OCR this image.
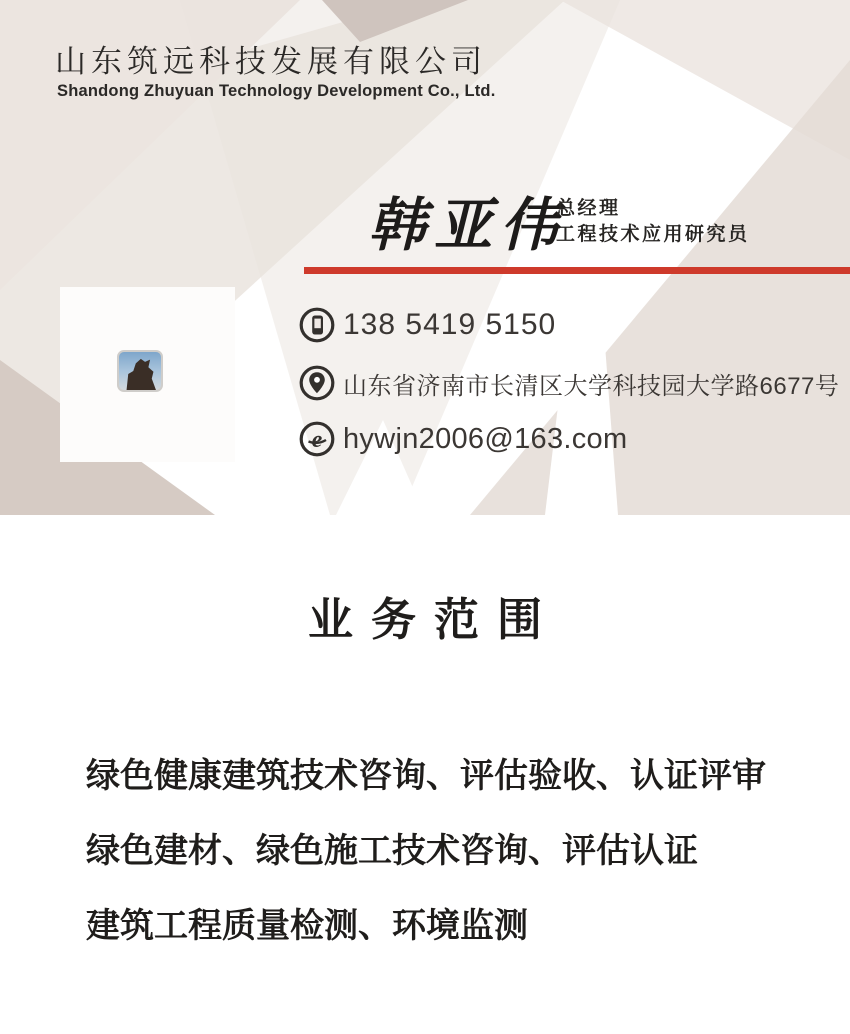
山东筑远科技发展有限公司
Shandong Zhuyuan Technology Development Co., Ltd.
韩亚伟
总经理
工程技术应用研究员
138 5419 5150
山东省济南市长清区大学科技园大学路6677号
e hywjn2006@163.com
业务范围
绿色健康建筑技术咨询、评估验收、认证评审
绿色建材、绿色施工技术咨询、评估认证
建筑工程质量检测、环境监测
